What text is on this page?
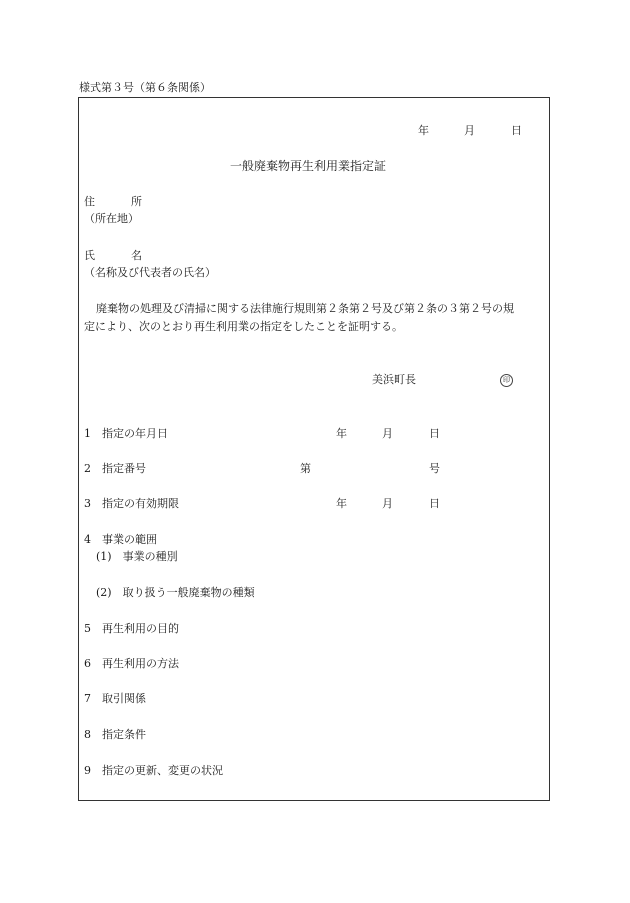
様式第３号（第６条関係）
年	月	日
一般廃棄物再生利用業指定証
住	所
（所在地）
氏	名
（名称及び代表者の氏名）
廃棄物の処理及び清掃に関する法律施行規則第２条第２号及び第２条の３第２号の規
定により、次のとおり再生利用業の指定をしたことを証明する。
美浜町長	印
1　指定の年月日	年	月	日
2　指定番号	第	号
3　指定の有効期限	年	月	日
4　事業の範囲
(1)　事業の種別
(2)　取り扱う一般廃棄物の種類
5　再生利用の目的
6　再生利用の方法
7　取引関係
8　指定条件
9　指定の更新、変更の状況
